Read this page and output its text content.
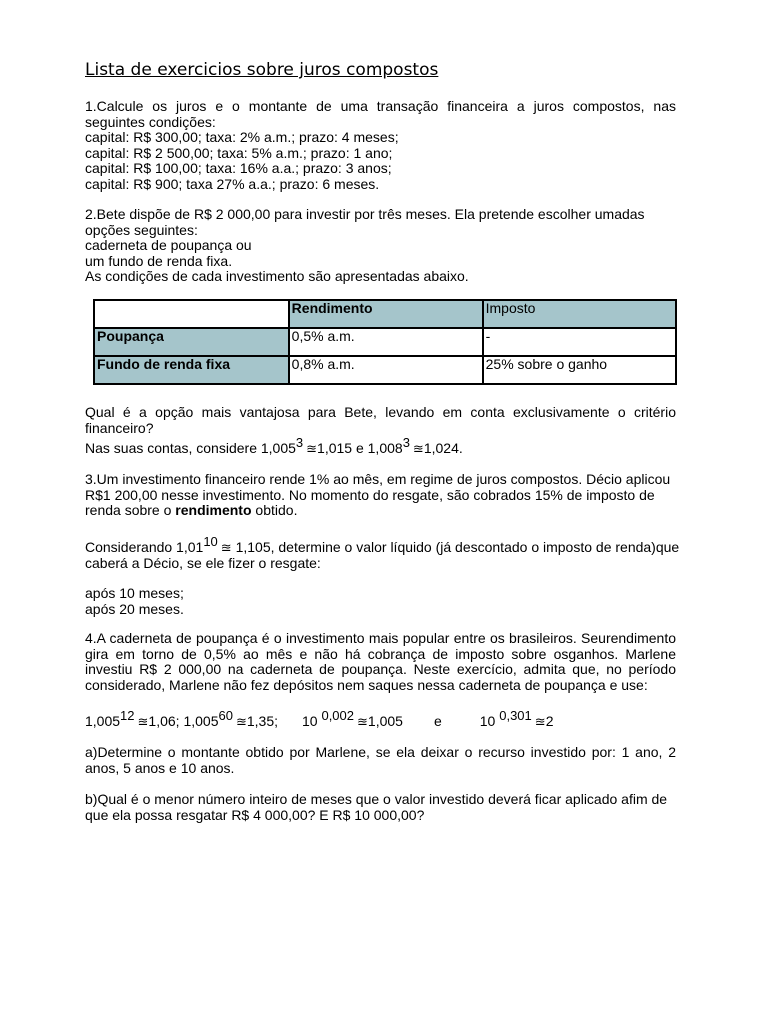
Lista de exercicios sobre juros compostos
1.Calcule os juros e o montante de uma transação financeira a juros compostos, nas
seguintes condições:
capital: R$ 300,00; taxa: 2% a.m.; prazo: 4 meses;
capital: R$ 2 500,00; taxa: 5% a.m.; prazo: 1 ano;
capital: R$ 100,00; taxa: 16% a.a.; prazo: 3 anos;
capital: R$ 900; taxa 27% a.a.; prazo: 6 meses.
2.Bete dispõe de R$ 2 000,00 para investir por três meses. Ela pretende escolher umadas
opções seguintes:
caderneta de poupança ou
um fundo de renda fixa.
As condições de cada investimento são apresentadas abaixo.
	Rendimento	Imposto
Poupança	0,5% a.m.	-
Fundo de renda fixa	0,8% a.m.	25% sobre o ganho
Qual é a opção mais vantajosa para Bete, levando em conta exclusivamente o critério
financeiro?
Nas suas contas, considere 1,005$^3$ ≊1,015 e 1,008$^3$ ≊1,024.
3.Um investimento financeiro rende 1% ao mês, em regime de juros compostos. Décio aplicou
R$1 200,00 nesse investimento. No momento do resgate, são cobrados 15% de imposto de
renda sobre o rendimento obtido.
Considerando 1,01$^{10}$ ≊ 1,105, determine o valor líquido (já descontado o imposto de renda)que
caberá a Décio, se ele fizer o resgate:
após 10 meses;
após 20 meses.
4.A caderneta de poupança é o investimento mais popular entre os brasileiros. Seurendimento
gira em torno de 0,5% ao mês e não há cobrança de imposto sobre osganhos. Marlene
investiu R$ 2 000,00 na caderneta de poupança. Neste exercício, admita que, no período
considerado, Marlene não fez depósitos nem saques nessa caderneta de poupança e use:
1,005$^{12}$ ≊1,06; 1,005$^{60}$ ≊1,35; 10 $^{0,002}$ ≊1,005 e	10 $^{0,301}$ ≊2
a)Determine o montante obtido por Marlene, se ela deixar o recurso investido por: 1 ano, 2
anos, 5 anos e 10 anos.
b)Qual é o menor número inteiro de meses que o valor investido deverá ficar aplicado afim de
que ela possa resgatar R$ 4 000,00? E R$ 10 000,00?
